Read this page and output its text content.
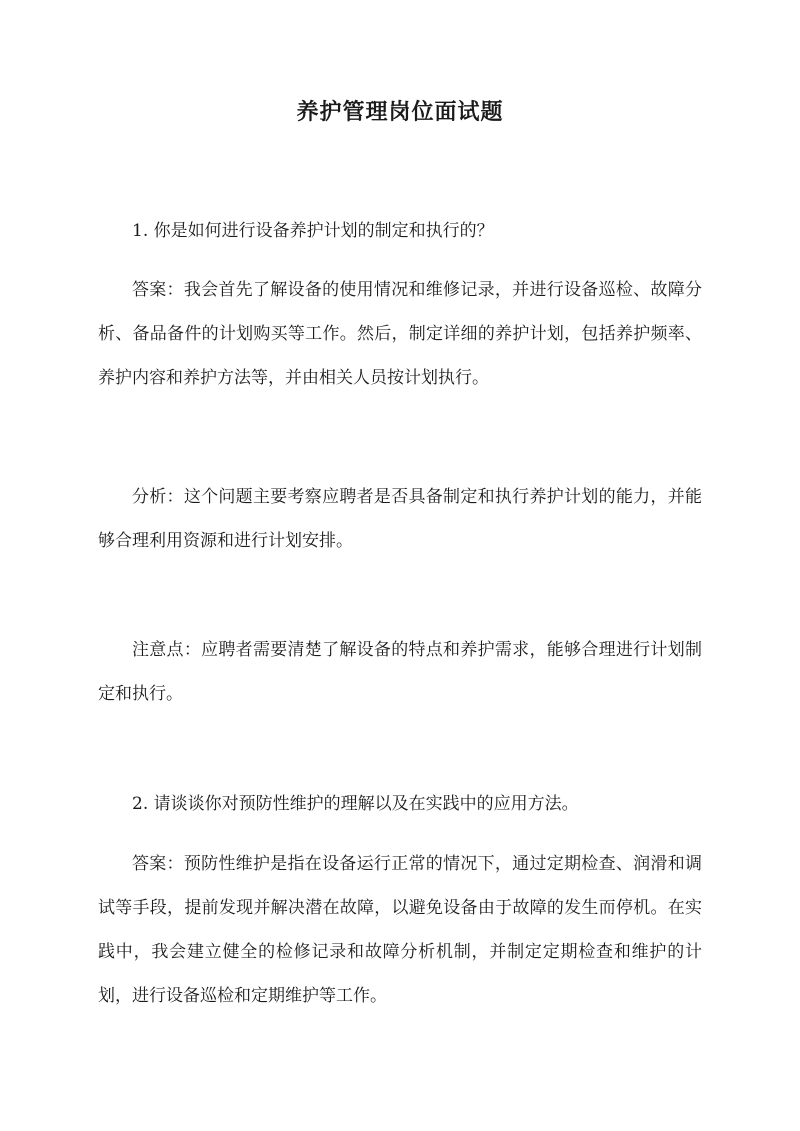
养护管理岗位面试题

1. 你是如何进行设备养护计划的制定和执行的？

答案：我会首先了解设备的使用情况和维修记录，并进行设备巡检、故障分析、备品备件的计划购买等工作。然后，制定详细的养护计划，包括养护频率、养护内容和养护方法等，并由相关人员按计划执行。

分析：这个问题主要考察应聘者是否具备制定和执行养护计划的能力，并能够合理利用资源和进行计划安排。

注意点：应聘者需要清楚了解设备的特点和养护需求，能够合理进行计划制定和执行。

2. 请谈谈你对预防性维护的理解以及在实践中的应用方法。

答案：预防性维护是指在设备运行正常的情况下，通过定期检查、润滑和调试等手段，提前发现并解决潜在故障，以避免设备由于故障的发生而停机。在实践中，我会建立健全的检修记录和故障分析机制，并制定定期检查和维护的计划，进行设备巡检和定期维护等工作。
